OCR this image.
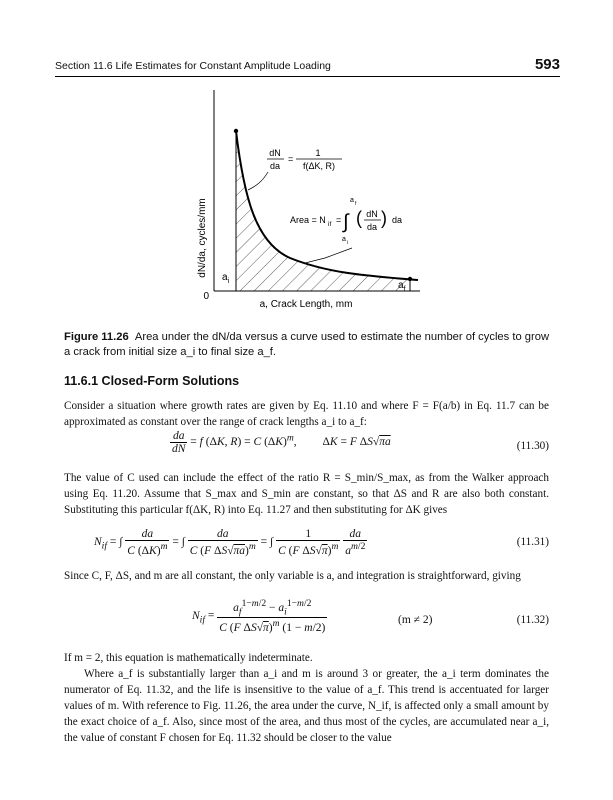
Section 11.6 Life Estimates for Constant Amplitude Loading	593
dN/da, cycles/mm
0
$a_i$	$a_f$
a, Crack Length, mm
dN
da
=
1
f(ΔK, R)
Area = N if = ∫
a f
a i
( dN
da ) da
Figure 11.26 Area under the dN/da versus a curve used to estimate the number of cycles to grow a crack from initial size a_i to final size a_f.
11.6.1 Closed-Form Solutions
Consider a situation where growth rates are given by Eq. 11.10 and where F = F(a/b) in Eq. 11.7 can be approximated as constant over the range of crack lengths a_i to a_f:
$\frac{da}{dN} = f$ (ΔK, R) = C $(\Delta K)^m$,         ΔK = F ΔS√πa	(11.30)
The value of C used can include the effect of the ratio R = S_min/S_max, as from the Walker approach using Eq. 11.20. Assume that S_max and S_min are constant, so that ΔS and R are also both constant. Substituting this particular f(ΔK, R) into Eq. 11.27 and then substituting for ΔK gives
$N_{if}$ = ∫ $\frac{da}{C (\Delta K)^m}$ = ∫ $\frac{da}{C (F \Delta S√\pi a)^m}$ = ∫ $\frac{1}{C (F \Delta S√\pi)^m}$
$\frac{da}{a^{m/2}}$	(11.31)
Since C, F, ΔS, and m are all constant, the only variable is a, and integration is straightforward, giving
$N_{if} = \frac{a_f^{1-m/2} - a_i^{1-m/2}}{C (F \Delta S√\pi)^m (1 - m/2)}$	(m ≠ 2)	(11.32)
If m = 2, this equation is mathematically indeterminate.
Where a_f is substantially larger than a_i and m is around 3 or greater, the a_i term dominates the numerator of Eq. 11.32, and the life is insensitive to the value of a_f. This trend is accentuated for larger values of m. With reference to Fig. 11.26, the area under the curve, N_if, is affected only a small amount by the exact choice of a_f. Also, since most of the area, and thus most of the cycles, are accumulated near a_i, the value of constant F chosen for Eq. 11.32 should be closer to the value
